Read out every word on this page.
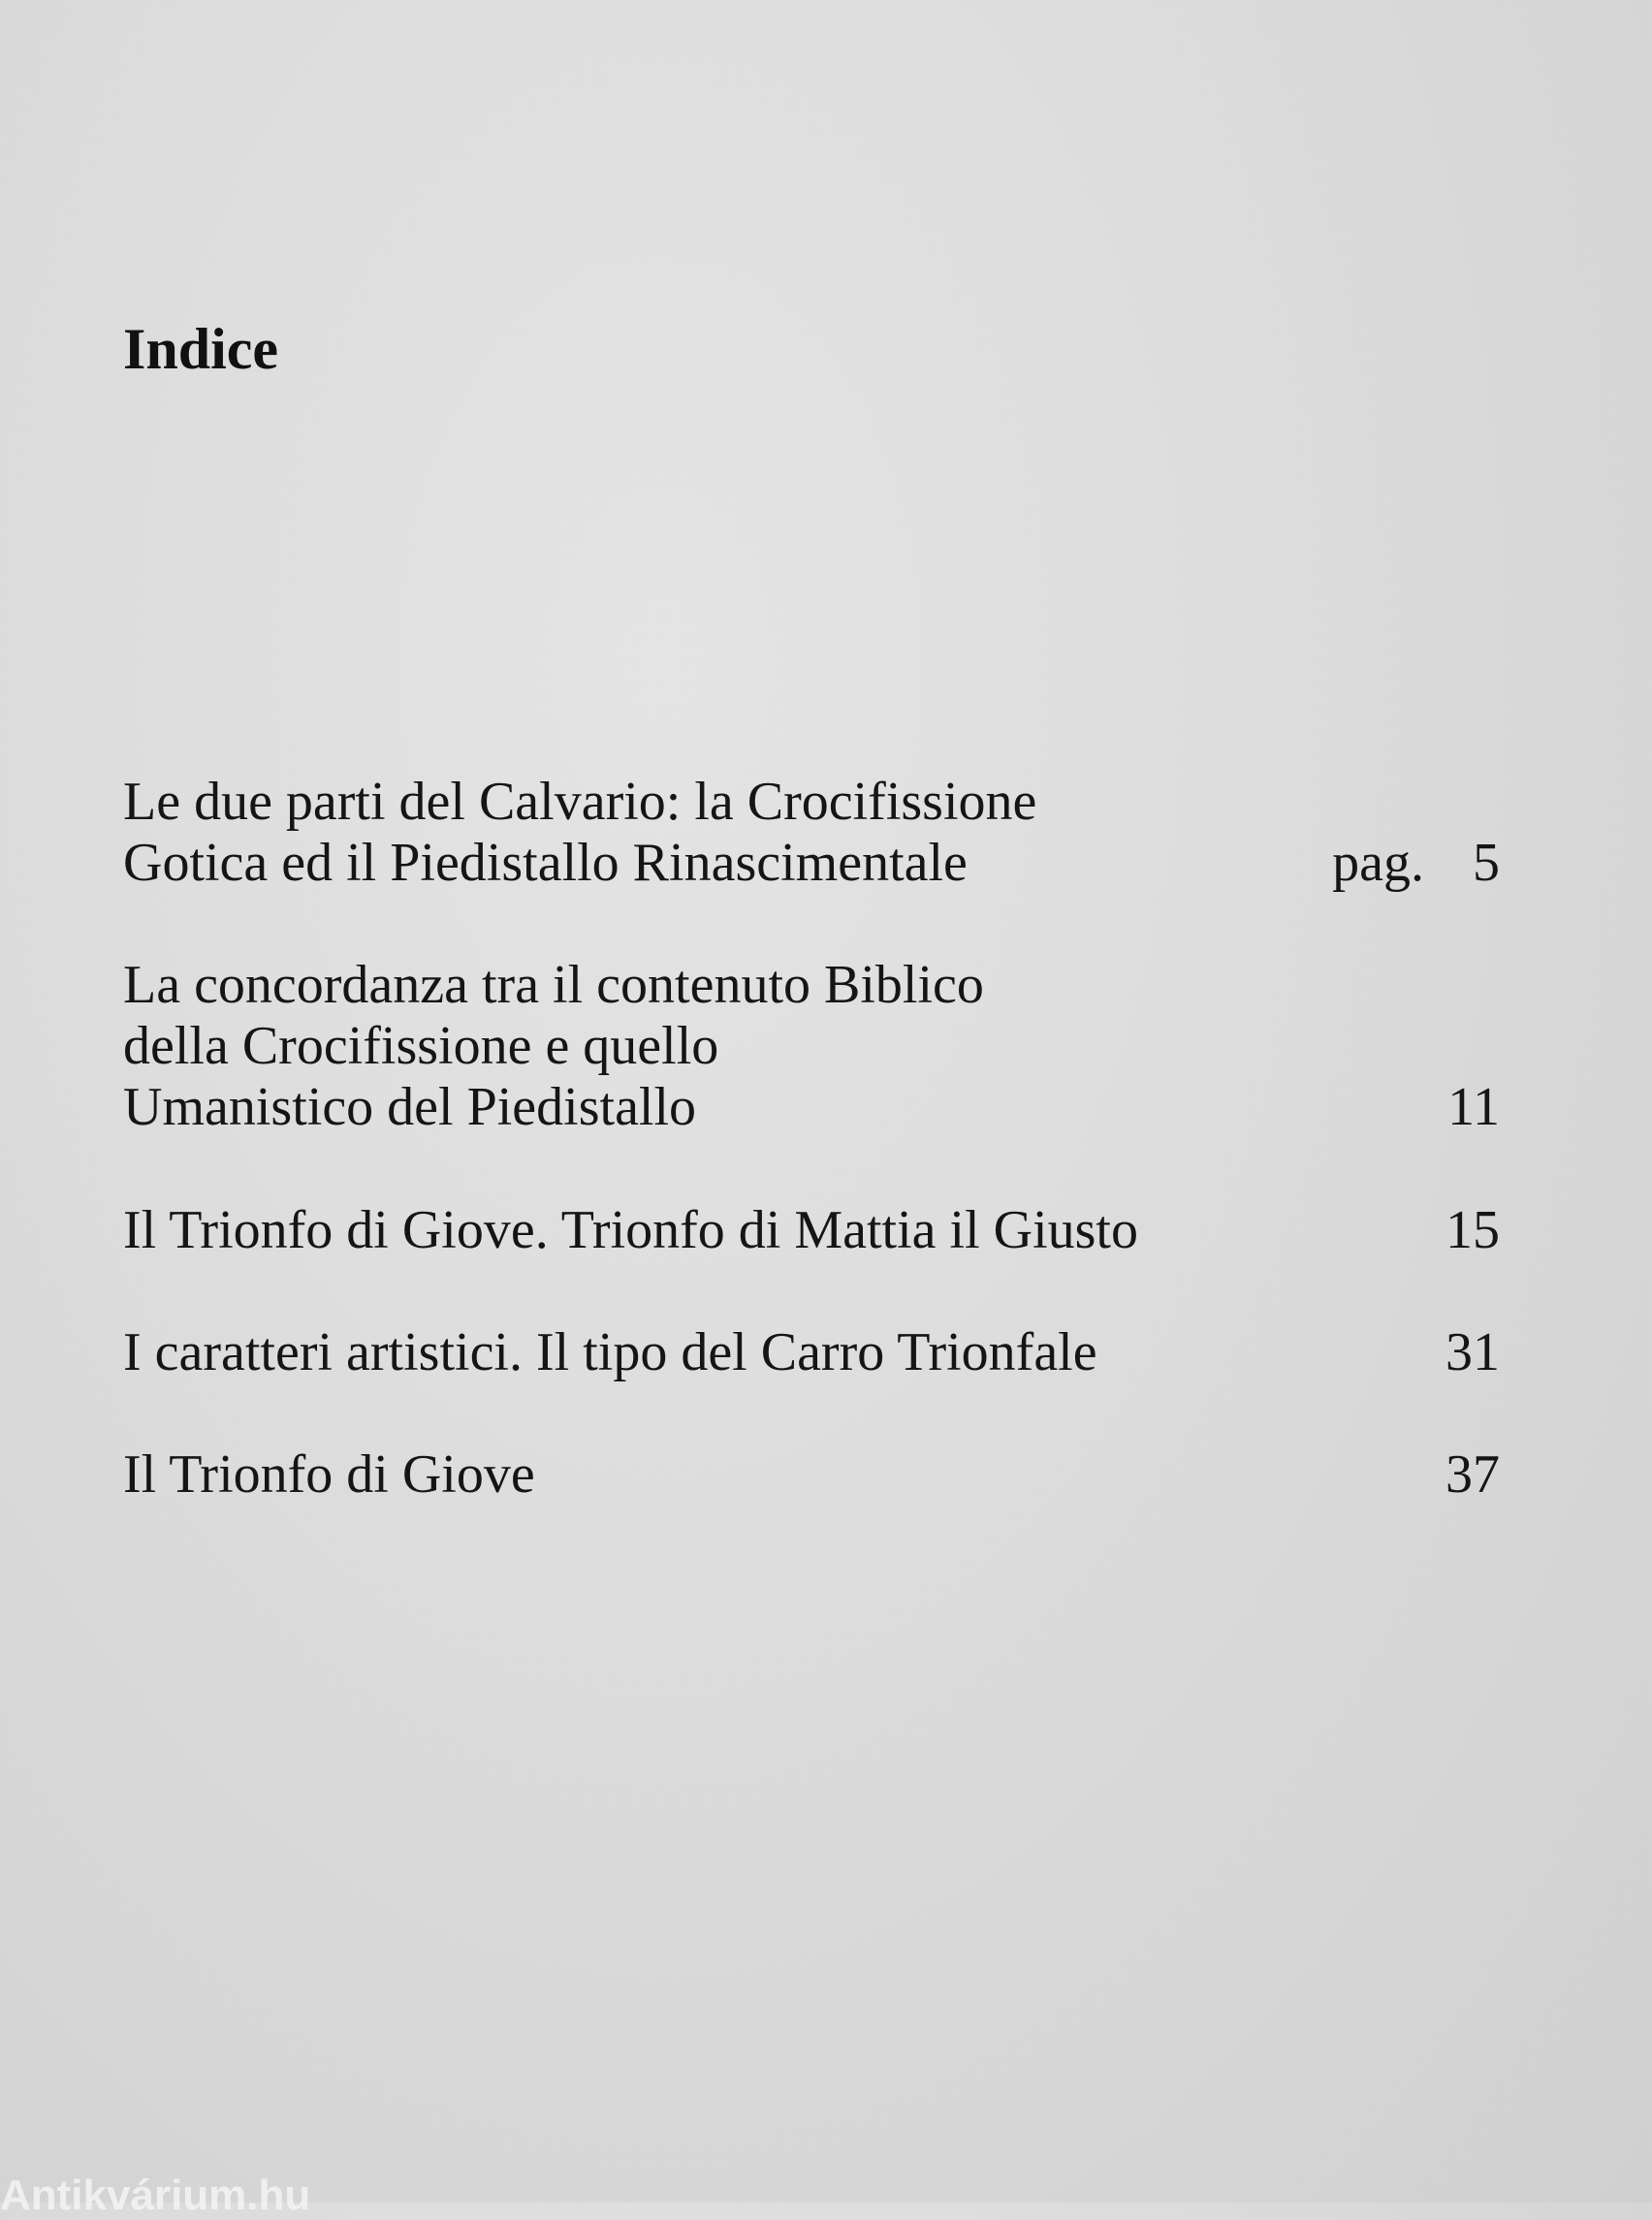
Indice
Le due parti del Calvario: la Crocifissione
Gotica ed il Piedistallo Rinascimentale	pag. 5
La concordanza tra il contenuto Biblico
della Crocifissione e quello
Umanistico del Piedistallo	11
Il Trionfo di Giove. Trionfo di Mattia il Giusto	15
I caratteri artistici. Il tipo del Carro Trionfale	31
Il Trionfo di Giove	37
Antikvárium.hu
